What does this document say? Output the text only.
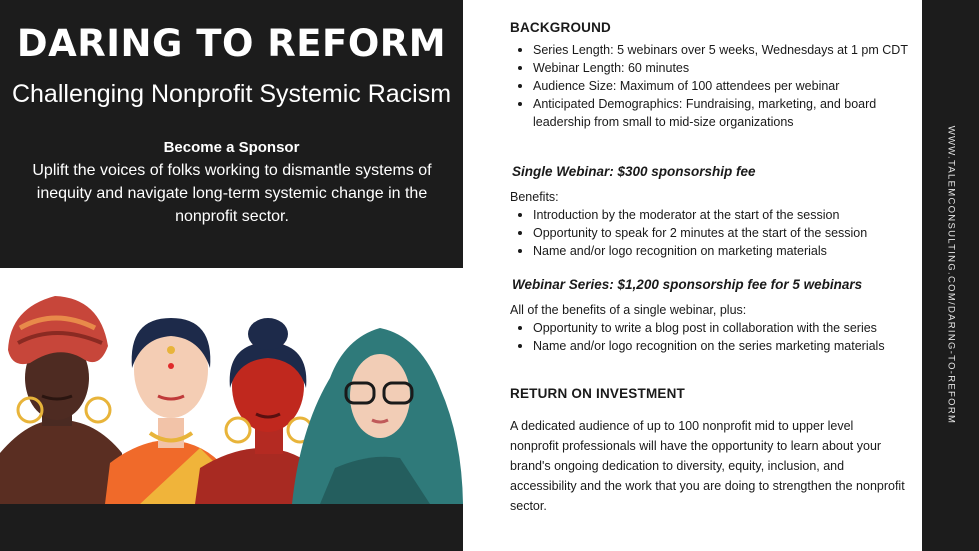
DARING TO REFORM
Challenging Nonprofit Systemic Racism
Become a Sponsor
Uplift the voices of folks working to dismantle systems of inequity and navigate long-term systemic change in the nonprofit sector.
BACKGROUND
Series Length: 5 webinars over 5 weeks, Wednesdays at 1 pm CDT
Webinar Length: 60 minutes
Audience Size: Maximum of 100 attendees per webinar
Anticipated Demographics: Fundraising, marketing, and board leadership from small to mid-size organizations
Single Webinar: $300 sponsorship fee
Benefits:
Introduction by the moderator at the start of the session
Opportunity to speak for 2 minutes at the start of the session
Name and/or logo recognition on marketing materials
Webinar Series: $1,200 sponsorship fee for 5 webinars
All of the benefits of a single webinar, plus:
Opportunity to write a blog post in collaboration with the series
Name and/or logo recognition on the series marketing materials
RETURN ON INVESTMENT
A dedicated audience of up to 100 nonprofit mid to upper level nonprofit professionals will have the opportunity to learn about your brand's ongoing dedication to diversity, equity, inclusion, and accessibility and the work that you are doing to strengthen the nonprofit sector.
WWW.TALEMCONSULTING.COM/DARING-TO-REFORM
